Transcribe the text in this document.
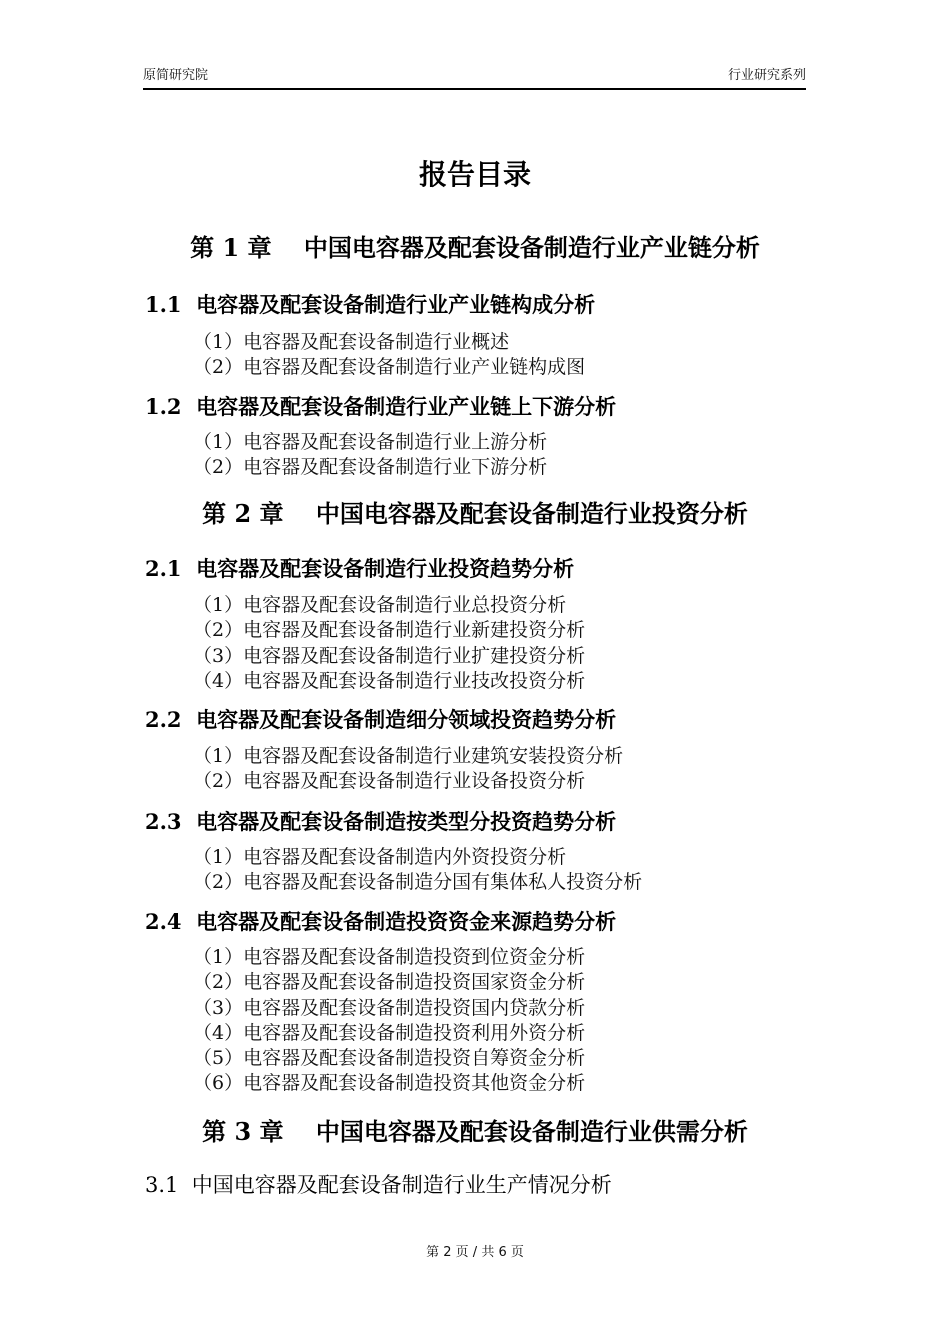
原简研究院	行业研究系列
报告目录
第 1 章　 中国电容器及配套设备制造行业产业链分析
1.1  电容器及配套设备制造行业产业链构成分析
（1）电容器及配套设备制造行业概述
（2）电容器及配套设备制造行业产业链构成图
1.2  电容器及配套设备制造行业产业链上下游分析
（1）电容器及配套设备制造行业上游分析
（2）电容器及配套设备制造行业下游分析
第 2 章　 中国电容器及配套设备制造行业投资分析
2.1  电容器及配套设备制造行业投资趋势分析
（1）电容器及配套设备制造行业总投资分析
（2）电容器及配套设备制造行业新建投资分析
（3）电容器及配套设备制造行业扩建投资分析
（4）电容器及配套设备制造行业技改投资分析
2.2  电容器及配套设备制造细分领域投资趋势分析
（1）电容器及配套设备制造行业建筑安装投资分析
（2）电容器及配套设备制造行业设备投资分析
2.3  电容器及配套设备制造按类型分投资趋势分析
（1）电容器及配套设备制造内外资投资分析
（2）电容器及配套设备制造分国有集体私人投资分析
2.4  电容器及配套设备制造投资资金来源趋势分析
（1）电容器及配套设备制造投资到位资金分析
（2）电容器及配套设备制造投资国家资金分析
（3）电容器及配套设备制造投资国内贷款分析
（4）电容器及配套设备制造投资利用外资分析
（5）电容器及配套设备制造投资自筹资金分析
（6）电容器及配套设备制造投资其他资金分析
第 3 章　 中国电容器及配套设备制造行业供需分析
3.1  中国电容器及配套设备制造行业生产情况分析
第 2 页 / 共 6 页
